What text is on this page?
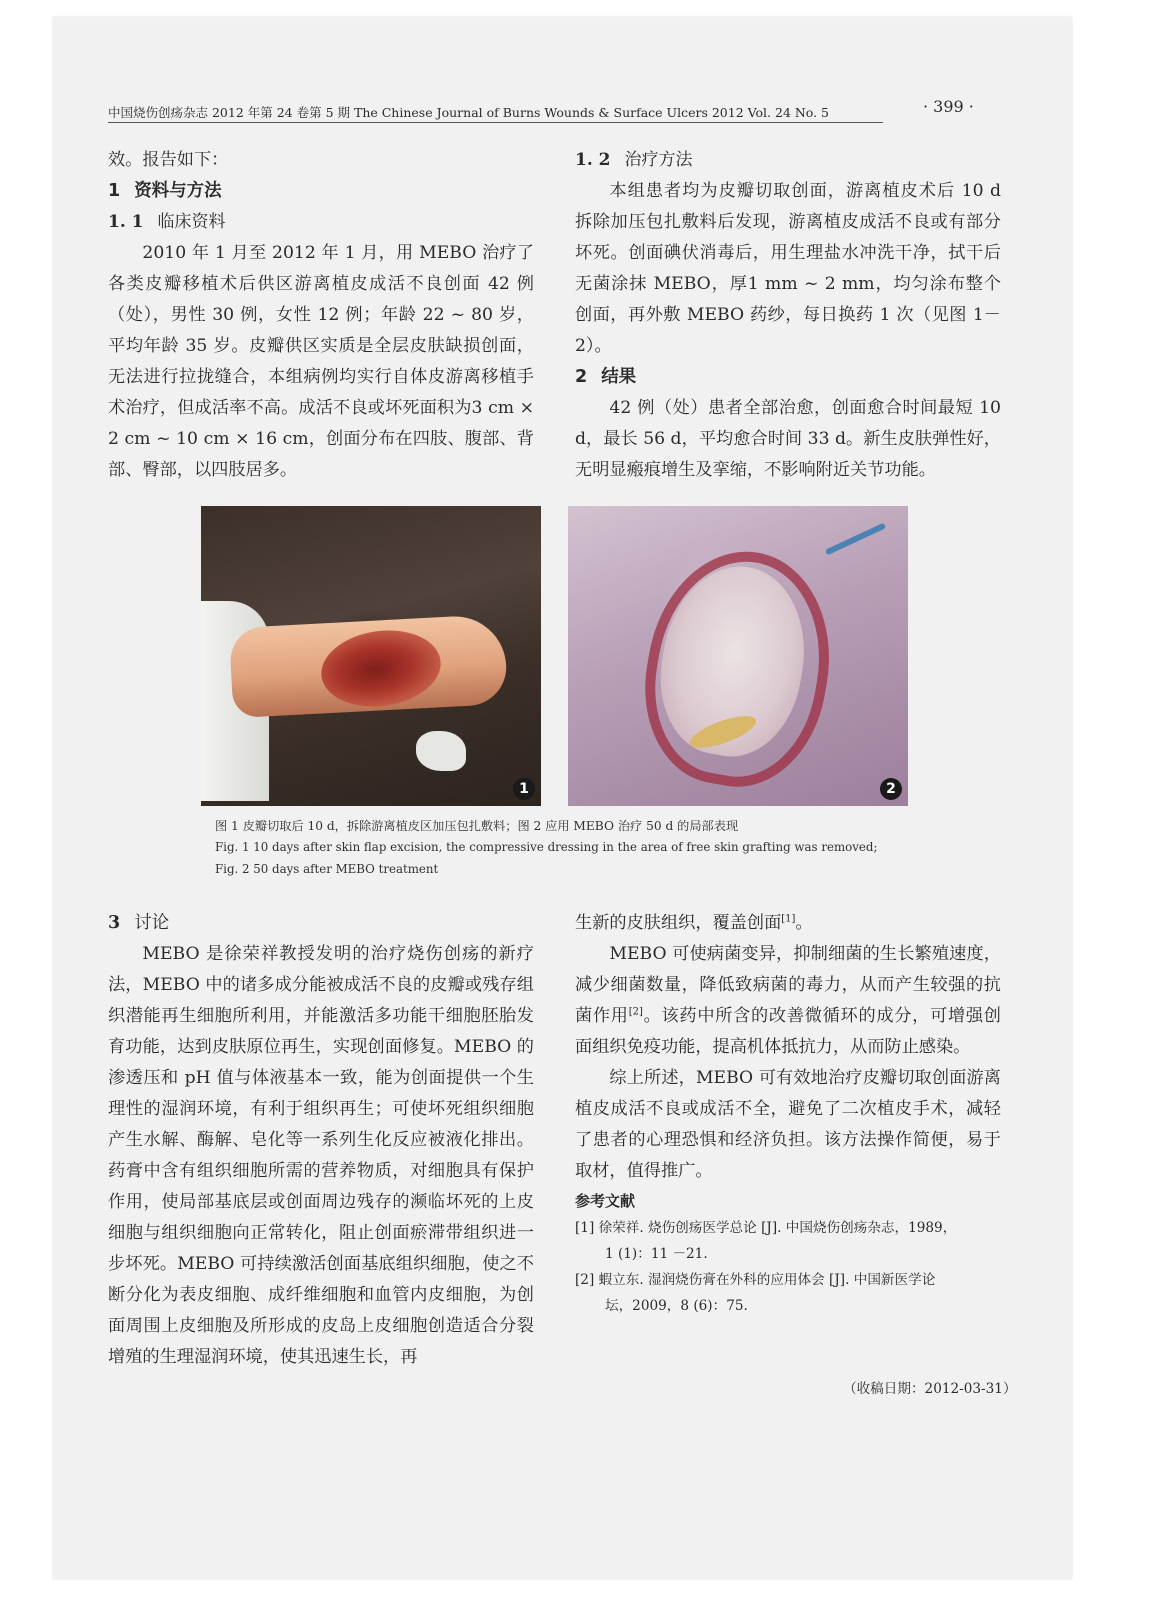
中国烧伤创疡杂志 2012 年第 24 卷第 5 期 The Chinese Journal of Burns Wounds & Surface Ulcers 2012 Vol. 24 No. 5	· 399 ·

效。报告如下：

1 资料与方法
1. 1 临床资料

2010 年 1 月至 2012 年 1 月，用 MEBO 治疗了各类皮瓣移植术后供区游离植皮成活不良创面 42 例（处），男性 30 例，女性 12 例；年龄 22 ~ 80 岁，平均年龄 35 岁。皮瓣供区实质是全层皮肤缺损创面，无法进行拉拢缝合，本组病例均实行自体皮游离移植手术治疗，但成活率不高。成活不良或坏死面积为3 cm × 2 cm ~ 10 cm × 16 cm，创面分布在四肢、腹部、背部、臀部，以四肢居多。

1. 2 治疗方法

本组患者均为皮瓣切取创面，游离植皮术后 10 d 拆除加压包扎敷料后发现，游离植皮成活不良或有部分坏死。创面碘伏消毒后，用生理盐水冲洗干净，拭干后无菌涂抹 MEBO，厚1 mm ~ 2 mm，均匀涂布整个创面，再外敷 MEBO 药纱，每日换药 1 次（见图 1－2）。

2 结果

42 例（处）患者全部治愈，创面愈合时间最短 10 d，最长 56 d，平均愈合时间 33 d。新生皮肤弹性好，无明显瘢痕增生及挛缩，不影响附近关节功能。

1	2
图 1 皮瓣切取后 10 d，拆除游离植皮区加压包扎敷料；图 2 应用 MEBO 治疗 50 d 的局部表现
Fig. 1 10 days after skin flap excision, the compressive dressing in the area of free skin grafting was removed;
Fig. 2 50 days after MEBO treatment
3 讨论

MEBO 是徐荣祥教授发明的治疗烧伤创疡的新疗法，MEBO 中的诸多成分能被成活不良的皮瓣或残存组织潜能再生细胞所利用，并能激活多功能干细胞胚胎发育功能，达到皮肤原位再生，实现创面修复。MEBO 的渗透压和 pH 值与体液基本一致，能为创面提供一个生理性的湿润环境，有利于组织再生；可使坏死组织细胞产生水解、酶解、皂化等一系列生化反应被液化排出。药膏中含有组织细胞所需的营养物质，对细胞具有保护作用，使局部基底层或创面周边残存的濒临坏死的上皮细胞与组织细胞向正常转化，阻止创面瘀滞带组织进一步坏死。MEBO 可持续激活创面基底组织细胞，使之不断分化为表皮细胞、成纤维细胞和血管内皮细胞，为创面周围上皮细胞及所形成的皮岛上皮细胞创造适合分裂增殖的生理湿润环境，使其迅速生长，再

生新的皮肤组织，覆盖创面[1]。

MEBO 可使病菌变异，抑制细菌的生长繁殖速度，减少细菌数量，降低致病菌的毒力，从而产生较强的抗菌作用[2]。该药中所含的改善微循环的成分，可增强创面组织免疫功能，提高机体抵抗力，从而防止感染。

综上所述，MEBO 可有效地治疗皮瓣切取创面游离植皮成活不良或成活不全，避免了二次植皮手术，减轻了患者的心理恐惧和经济负担。该方法操作简便，易于取材，值得推广。

参考文献
[1] 徐荣祥. 烧伤创疡医学总论 [J]. 中国烧伤创疡杂志，1989，
1 (1)：11 －21.
[2] 蝦立东. 湿润烧伤膏在外科的应用体会 [J]. 中国新医学论
坛，2009，8 (6)：75.
（收稿日期：2012-03-31）
